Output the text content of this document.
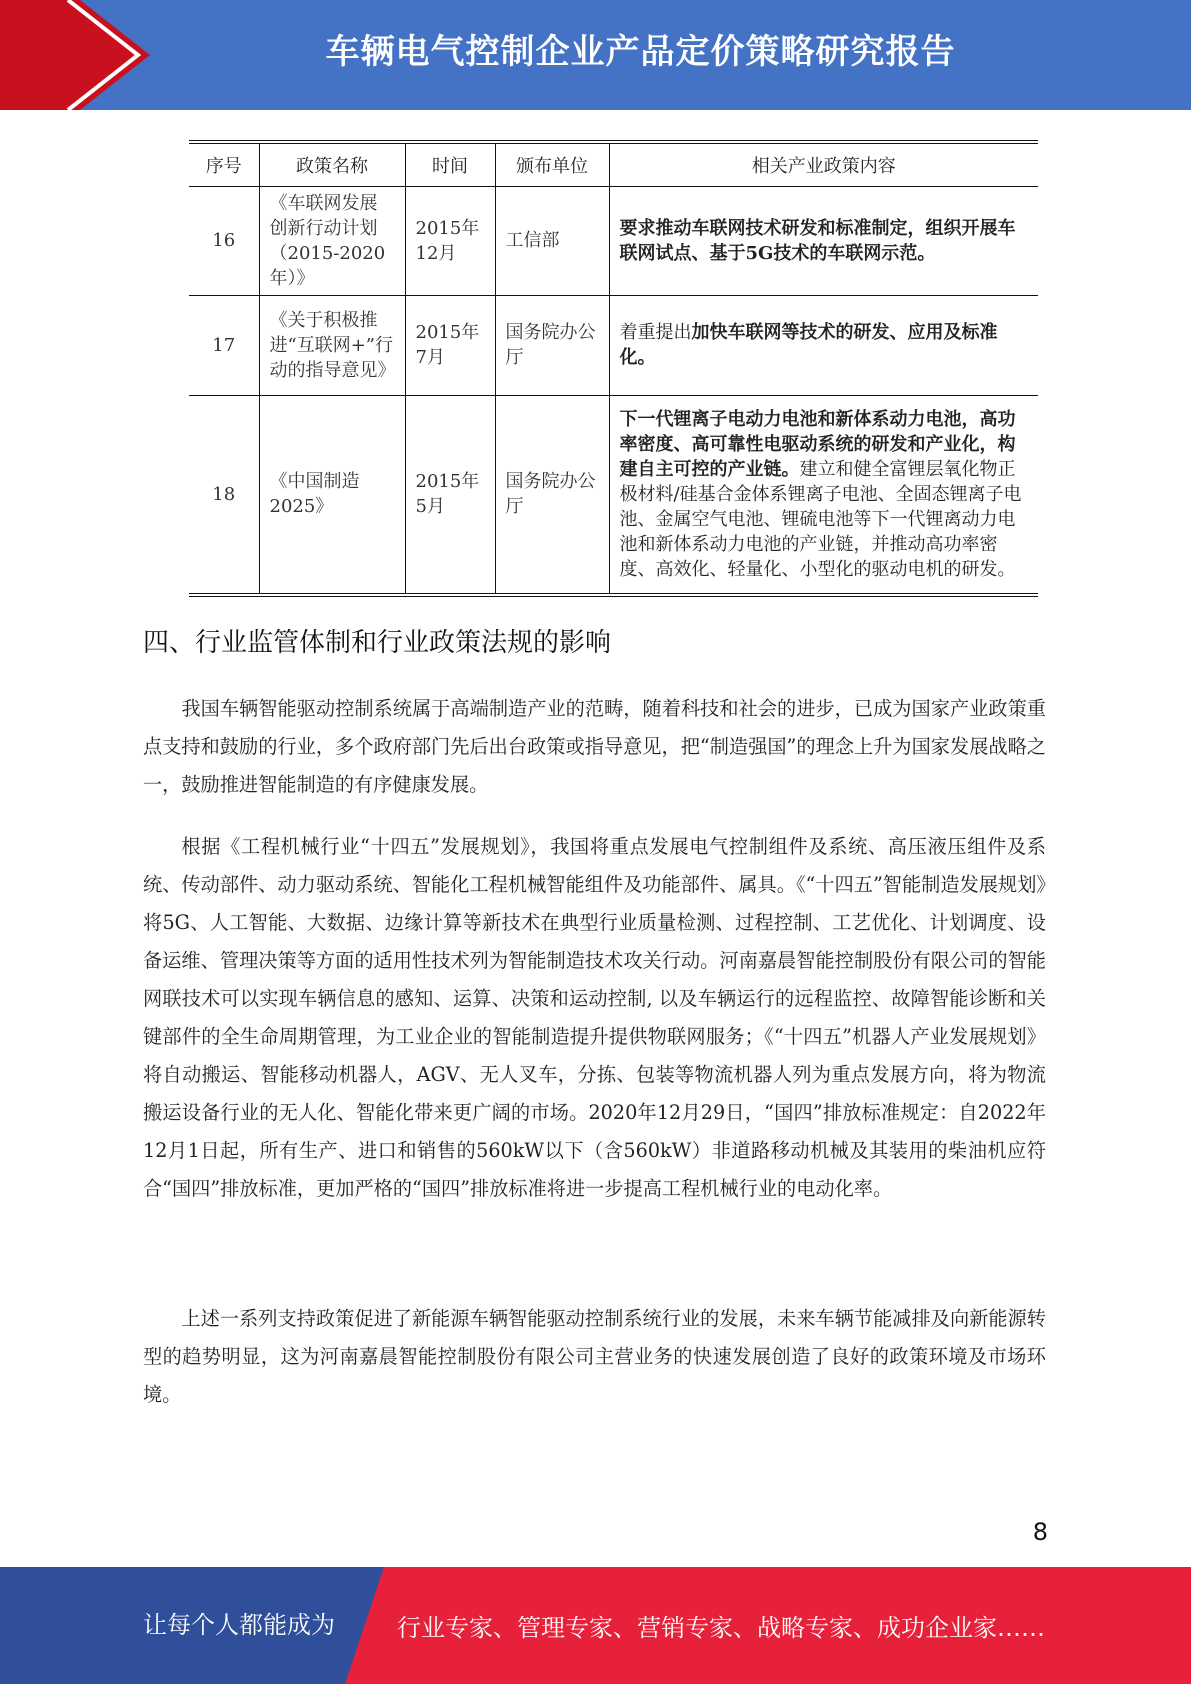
车辆电气控制企业产品定价策略研究报告
序号	政策名称	时间	颁布单位	相关产业政策内容
16	《车联网发展创新行动计划（2015-2020年）》	2015年12月	工信部	要求推动车联网技术研发和标准制定，组织开展车联网试点、基于5G技术的车联网示范。
17	《关于积极推进“互联网+”行动的指导意见》	2015年7月	国务院办公厅	着重提出加快车联网等技术的研发、应用及标准化。
18	《中国制造2025》	2015年5月	国务院办公厅	下一代锂离子电动力电池和新体系动力电池，高功率密度、高可靠性电驱动系统的研发和产业化，构建自主可控的产业链。建立和健全富锂层氧化物正极材料/硅基合金体系锂离子电池、全固态锂离子电池、金属空气电池、锂硫电池等下一代锂离动力电池和新体系动力电池的产业链，并推动高功率密度、高效化、轻量化、小型化的驱动电机的研发。
四、行业监管体制和行业政策法规的影响

我国车辆智能驱动控制系统属于高端制造产业的范畴，随着科技和社会的进步，已成为国家产业政策重点支持和鼓励的行业，多个政府部门先后出台政策或指导意见，把“制造强国”的理念上升为国家发展战略之一，鼓励推进智能制造的有序健康发展。

根据《工程机械行业“十四五”发展规划》，我国将重点发展电气控制组件及系统、高压液压组件及系统、传动部件、动力驱动系统、智能化工程机械智能组件及功能部件、属具。《“十四五”智能制造发展规划》将5G、人工智能、大数据、边缘计算等新技术在典型行业质量检测、过程控制、工艺优化、计划调度、设备运维、管理决策等方面的适用性技术列为智能制造技术攻关行动。河南嘉晨智能控制股份有限公司的智能网联技术可以实现车辆信息的感知、运算、决策和运动控制, 以及车辆运行的远程监控、故障智能诊断和关键部件的全生命周期管理，为工业企业的智能制造提升提供物联网服务；《“十四五”机器人产业发展规划》将自动搬运、智能移动机器人，AGV、无人叉车，分拣、包装等物流机器人列为重点发展方向，将为物流搬运设备行业的无人化、智能化带来更广阔的市场。2020年12月29日，“国四”排放标准规定：自2022年12月1日起，所有生产、进口和销售的560kW以下（含560kW）非道路移动机械及其装用的柴油机应符合“国四”排放标准，更加严格的“国四”排放标准将进一步提高工程机械行业的电动化率。

上述一系列支持政策促进了新能源车辆智能驱动控制系统行业的发展，未来车辆节能减排及向新能源转型的趋势明显，这为河南嘉晨智能控制股份有限公司主营业务的快速发展创造了良好的政策环境及市场环境。

8
让每个人都能成为	行业专家、管理专家、营销专家、战略专家、成功企业家……
